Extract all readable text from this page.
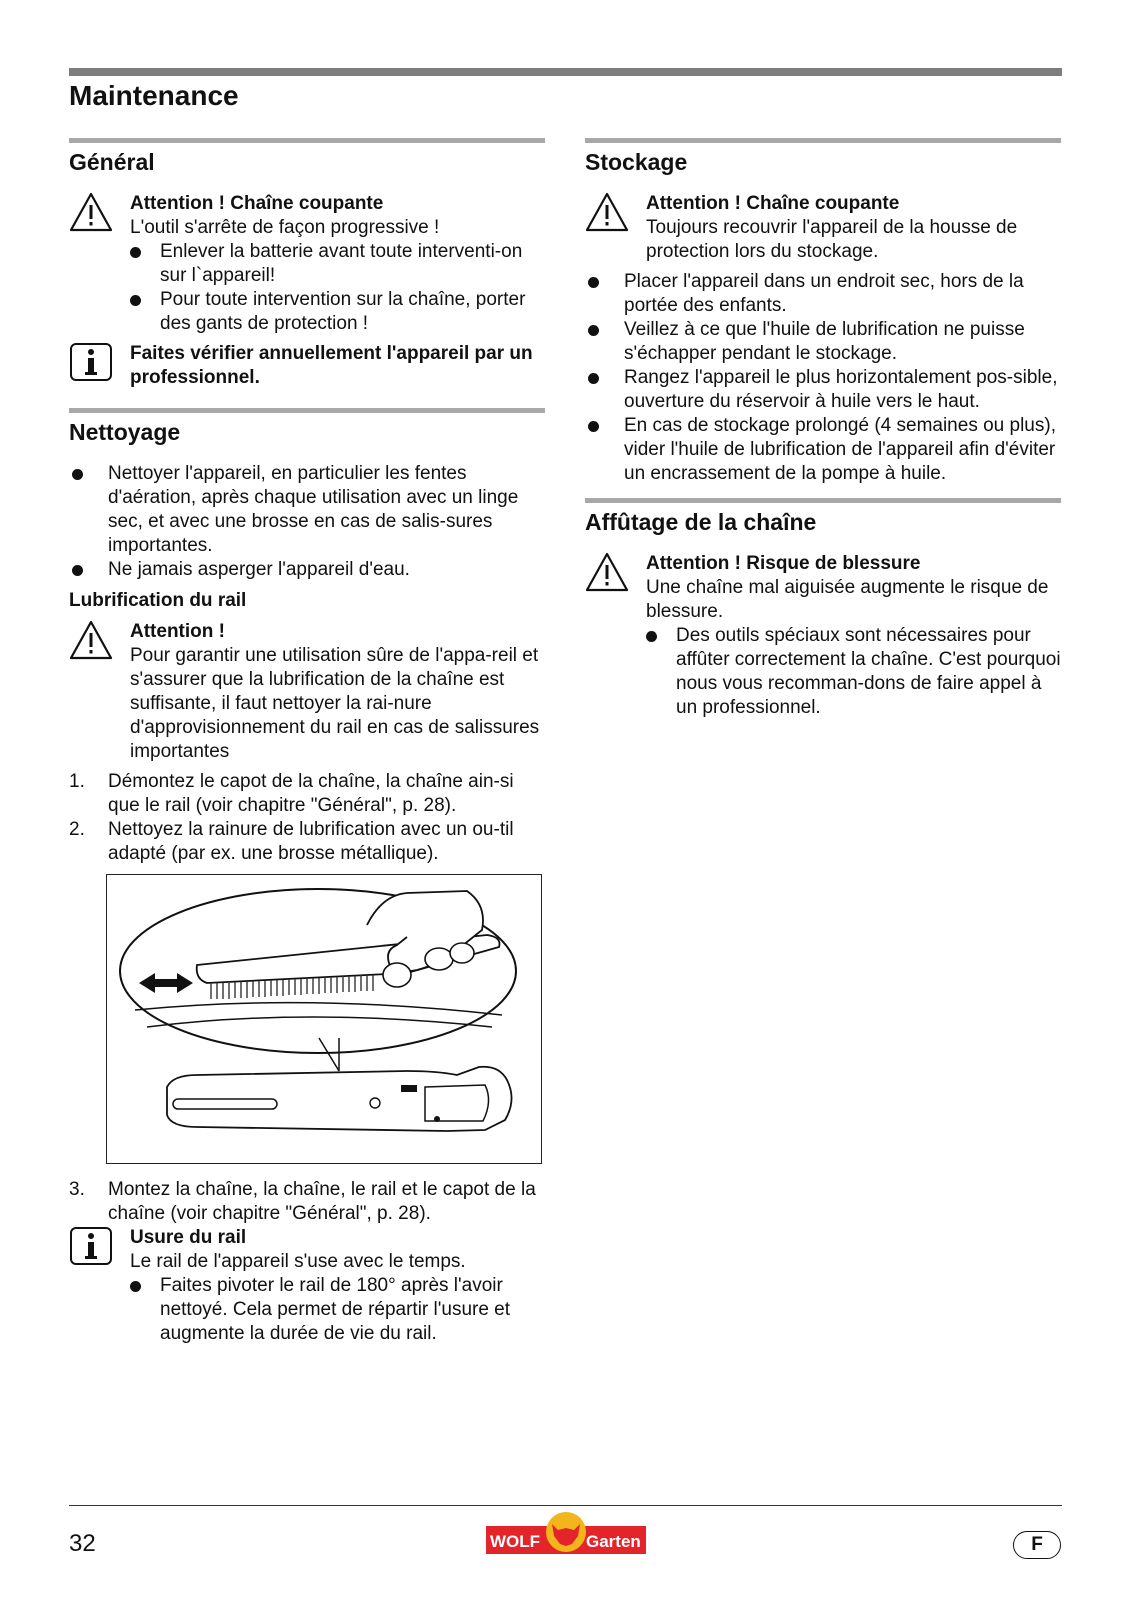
Maintenance
Général
Attention ! Chaîne coupante
L'outil s'arrête de façon progressive !
Enlever la batterie avant toute interventi-on sur l`appareil!
Pour toute intervention sur la chaîne, porter des gants de protection !
Faites vérifier annuellement l'appareil par un professionnel.
Nettoyage
Nettoyer l'appareil, en particulier les fentes d'aération, après chaque utilisation avec un linge sec, et avec une brosse en cas de salis-sures importantes.
Ne jamais asperger l'appareil d'eau.
Lubrification du rail
Attention !
Pour garantir une utilisation sûre de l'appa-reil et s'assurer que la lubrification de la chaîne est suffisante, il faut nettoyer la rai-nure d'approvisionnement du rail en cas de salissures importantes
1. Démontez le capot de la chaîne, la chaîne ain-si que le rail (voir chapitre "Général", p. 28).
2. Nettoyez la rainure de lubrification avec un ou-til adapté (par ex. une brosse métallique).
3. Montez la chaîne, la chaîne, le rail et le capot de la chaîne (voir chapitre "Général", p. 28).
Usure du rail
Le rail de l'appareil s'use avec le temps.
Faites pivoter le rail de 180° après l'avoir nettoyé. Cela permet de répartir l'usure et augmente la durée de vie du rail.
Stockage
Attention ! Chaîne coupante
Toujours recouvrir l'appareil de la housse de protection lors du stockage.
Placer l'appareil dans un endroit sec, hors de la portée des enfants.
Veillez à ce que l'huile de lubrification ne puisse s'échapper pendant le stockage.
Rangez l'appareil le plus horizontalement pos-sible, ouverture du réservoir à huile vers le haut.
En cas de stockage prolongé (4 semaines ou plus), vider l'huile de lubrification de l'appareil afin d'éviter un encrassement de la pompe à huile.
Affûtage de la chaîne
Attention ! Risque de blessure
Une chaîne mal aiguisée augmente le risque de blessure.
Des outils spéciaux sont nécessaires pour affûter correctement la chaîne. C'est pourquoi nous vous recomman-dons de faire appel à un professionnel.
32	WOLF	Garten	F
